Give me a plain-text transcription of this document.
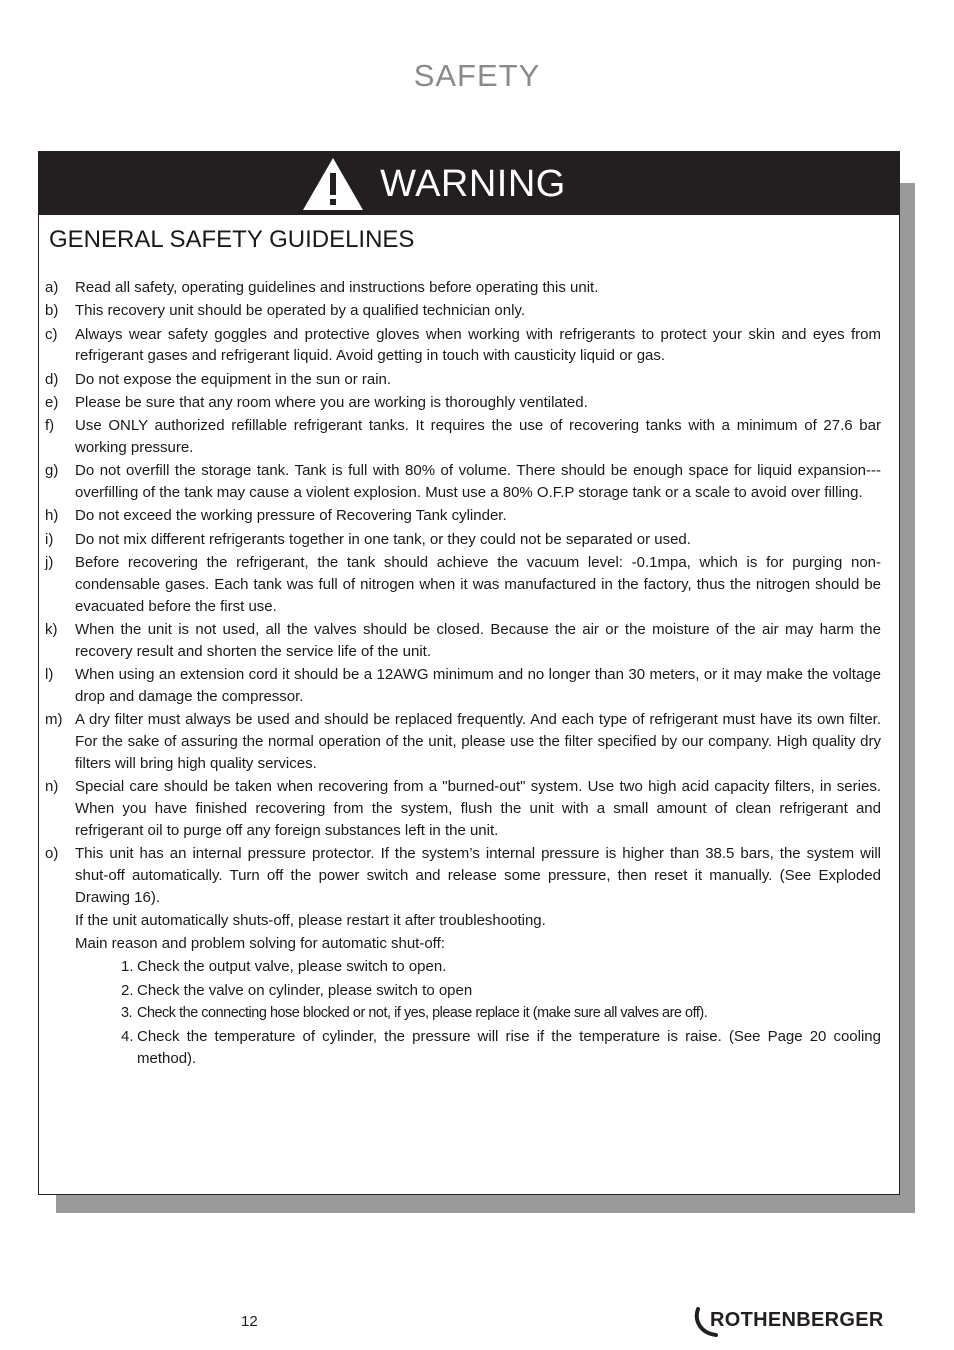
SAFETY
WARNING
GENERAL SAFETY GUIDELINES
a) Read all safety, operating guidelines and instructions before operating this unit.
b) This recovery unit should be operated by a qualified technician only.
c) Always wear safety goggles and protective gloves when working with refrigerants to protect your skin and eyes from refrigerant gases and refrigerant liquid. Avoid getting in touch with causticity liquid or gas.
d) Do not expose the equipment in the sun or rain.
e) Please be sure that any room where you are working is thoroughly ventilated.
f) Use ONLY authorized refillable refrigerant tanks. It requires the use of recovering tanks with a minimum of 27.6 bar working pressure.
g) Do not overfill the storage tank. Tank is full with 80% of volume. There should be enough space for liquid expansion---overfilling of the tank may cause a violent explosion. Must use a 80% O.F.P storage tank or a scale to avoid over filling.
h) Do not exceed the working pressure of Recovering Tank cylinder.
i) Do not mix different refrigerants together in one tank, or they could not be separated or used.
j) Before recovering the refrigerant, the tank should achieve the vacuum level: -0.1mpa, which is for purging non-condensable gases. Each tank was full of nitrogen when it was manufactured in the factory, thus the nitrogen should be evacuated before the first use.
k) When the unit is not used, all the valves should be closed. Because the air or the moisture of the air may harm the recovery result and shorten the service life of the unit.
l) When using an extension cord it should be a 12AWG minimum and no longer than 30 meters, or it may make the voltage drop and damage the compressor.
m) A dry filter must always be used and should be replaced frequently. And each type of refrigerant must have its own filter. For the sake of assuring the normal operation of the unit, please use the filter specified by our company. High quality dry filters will bring high quality services.
n) Special care should be taken when recovering from a "burned-out" system. Use two high acid capacity filters, in series. When you have finished recovering from the system, flush the unit with a small amount of clean refrigerant and refrigerant oil to purge off any foreign substances left in the unit.
o) This unit has an internal pressure protector. If the system’s internal pressure is higher than 38.5 bars, the system will shut-off automatically. Turn off the power switch and release some pressure, then reset it manually. (See Exploded Drawing 16).
If the unit automatically shuts-off, please restart it after troubleshooting.
Main reason and problem solving for automatic shut-off:
1. Check the output valve, please switch to open.
2. Check the valve on cylinder, please switch to open
3. Check the connecting hose blocked or not, if yes, please replace it (make sure all valves are off).
4. Check the temperature of cylinder, the pressure will rise if the temperature is raise. (See Page 20 cooling method).
12	ROTHENBERGER
